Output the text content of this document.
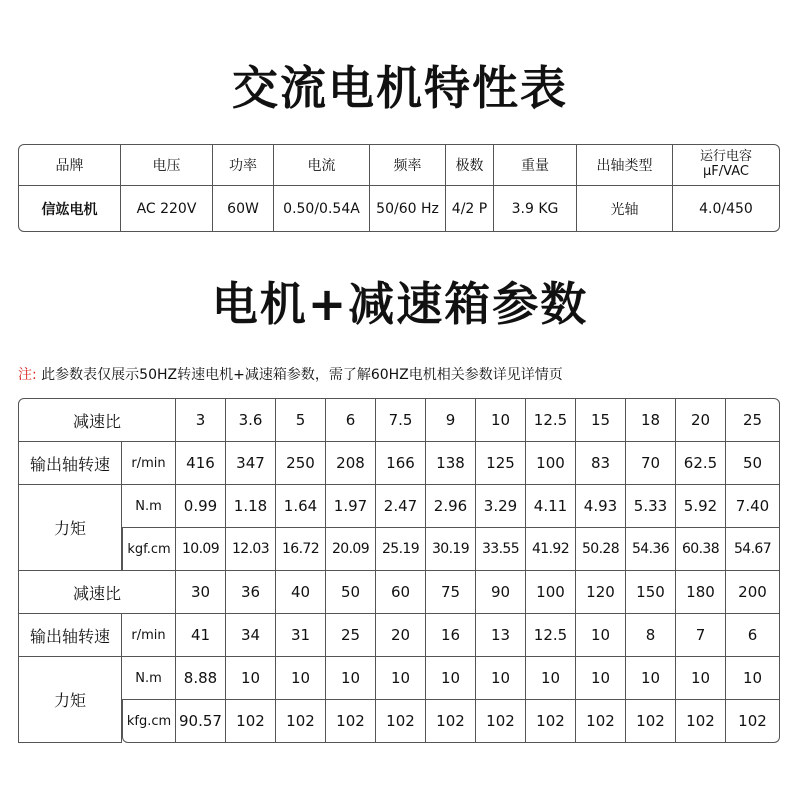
交流电机特性表
品牌	电压	功率	电流	频率	极数	重量	出轴类型	运行电容
μF/VAC

信竑电机	AC 220V	60W	0.50/0.54A	50/60 Hz	4/2 P	3.9 KG	光轴	4.0/450
电机+减速箱参数
注: 此参数表仅展示50HZ转速电机+减速箱参数，需了解60HZ电机相关参数详见详情页
减速比		3	3.6	5	6	7.5	9	10	12.5	15	18	20	25
输出轴转速	r/min	416	347	250	208	166	138	125	100	83	70	62.5	50
力矩	N.m	0.99	1.18	1.64	1.97	2.47	2.96	3.29	4.11	4.93	5.33	5.92	7.40
	kgf.cm	10.09	12.03	16.72	20.09	25.19	30.19	33.55	41.92	50.28	54.36	60.38	54.67
减速比		30	36	40	50	60	75	90	100	120	150	180	200
输出轴转速	r/min	41	34	31	25	20	16	13	12.5	10	8	7	6
力矩	N.m	8.88	10	10	10	10	10	10	10	10	10	10	10
	kfg.cm	90.57	102	102	102	102	102	102	102	102	102	102	102
